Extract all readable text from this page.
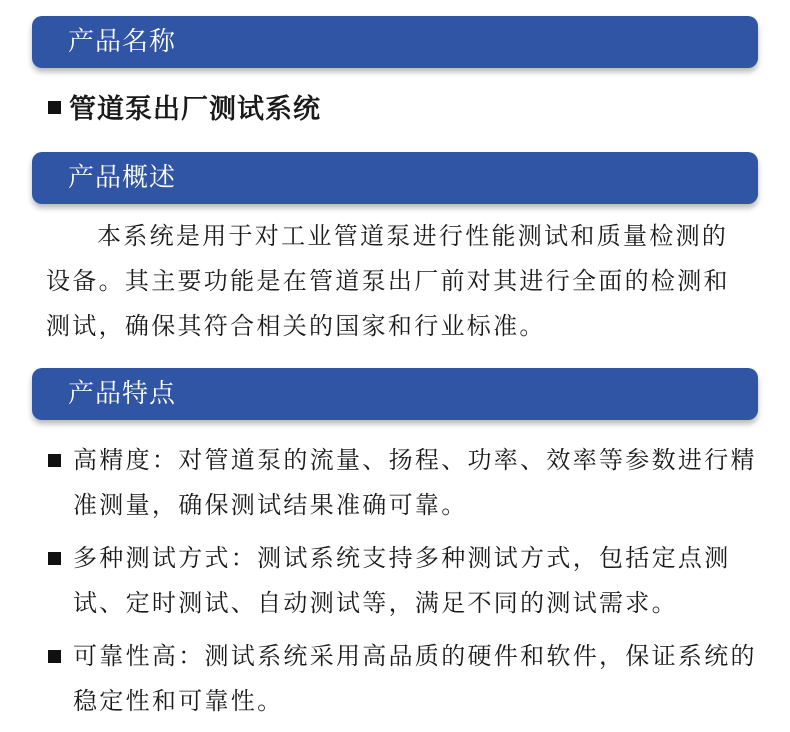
产品名称
管道泵出厂测试系统
产品概述

本系统是用于对工业管道泵进行性能测试和质量检测的设备。其主要功能是在管道泵出厂前对其进行全面的检测和测试，确保其符合相关的国家和行业标准。

产品特点
高精度：对管道泵的流量、扬程、功率、效率等参数进行精准测量，确保测试结果准确可靠。
多种测试方式：测试系统支持多种测试方式，包括定点测试、定时测试、自动测试等，满足不同的测试需求。
可靠性高：测试系统采用高品质的硬件和软件，保证系统的稳定性和可靠性。
